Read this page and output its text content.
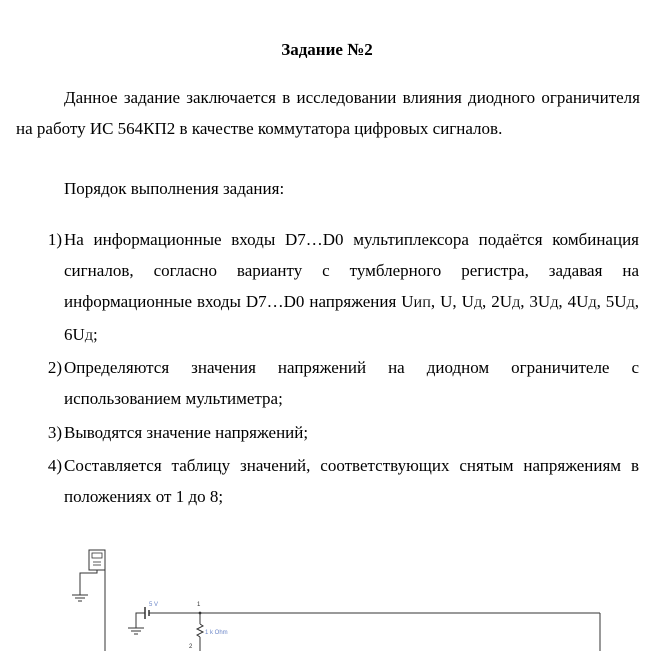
Задание №2
Данное задание заключается в исследовании влияния диодного ограничителя на работу ИС 564КП2 в качестве коммутатора цифровых сигналов.
Порядок выполнения задания:
1) На информационные входы D7…D0 мультиплексора подаётся комбинация сигналов, согласно варианту с тумблерного регистра, задавая на информационные входы D7…D0 напряжения UИП, U, UД, 2UД, 3UД, 4UД, 5UД, 6UД;
2) Определяются значения напряжений на диодном ограничителе с использованием мультиметра;
3) Выводятся значение напряжений;
4) Составляется таблицу значений, соответствующих снятым напряжениям в положениях от 1 до 8;
5 V
1 k Ohm
1
2
